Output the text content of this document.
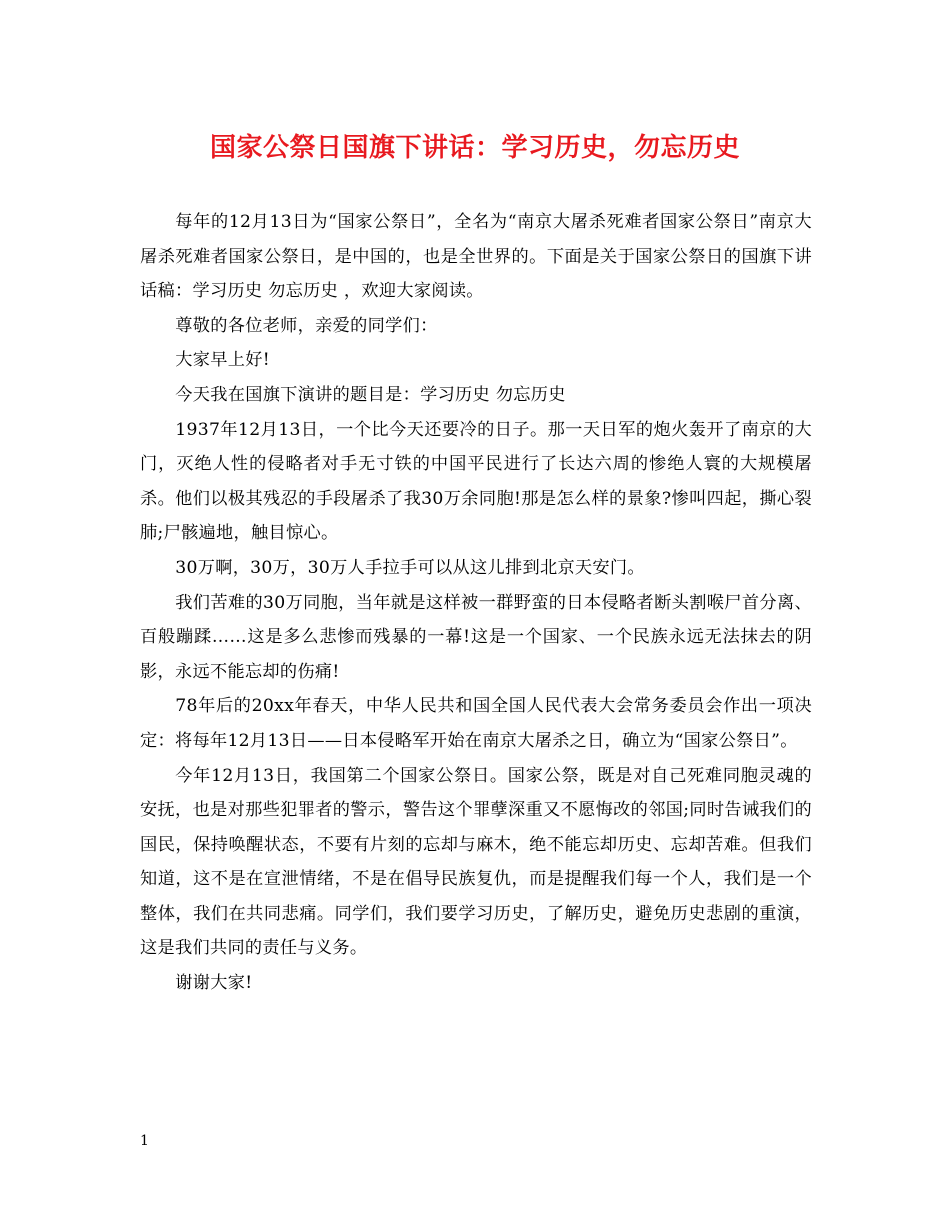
国家公祭日国旗下讲话：学习历史，勿忘历史

每年的12月13日为“国家公祭日”，全名为“南京大屠杀死难者国家公祭日”南京大屠杀死难者国家公祭日，是中国的，也是全世界的。下面是关于国家公祭日的国旗下讲话稿：学习历史 勿忘历史 ，欢迎大家阅读。

尊敬的各位老师，亲爱的同学们：

大家早上好!

今天我在国旗下演讲的题目是：学习历史 勿忘历史

1937年12月13日，一个比今天还要冷的日子。那一天日军的炮火轰开了南京的大门，灭绝人性的侵略者对手无寸铁的中国平民进行了长达六周的惨绝人寰的大规模屠杀。他们以极其残忍的手段屠杀了我30万余同胞!那是怎么样的景象?惨叫四起，撕心裂肺;尸骸遍地，触目惊心。

30万啊，30万，30万人手拉手可以从这儿排到北京天安门。

我们苦难的30万同胞，当年就是这样被一群野蛮的日本侵略者断头割喉尸首分离、百般蹦蹂……这是多么悲惨而残暴的一幕!这是一个国家、一个民族永远无法抹去的阴影，永远不能忘却的伤痛!

78年后的20xx年春天，中华人民共和国全国人民代表大会常务委员会作出一项决定：将每年12月13日——日本侵略军开始在南京大屠杀之日，确立为“国家公祭日”。

今年12月13日，我国第二个国家公祭日。国家公祭，既是对自己死难同胞灵魂的安抚，也是对那些犯罪者的警示，警告这个罪孽深重又不愿悔改的邻国;同时告诫我们的国民，保持唤醒状态，不要有片刻的忘却与麻木，绝不能忘却历史、忘却苦难。但我们知道，这不是在宣泄情绪，不是在倡导民族复仇，而是提醒我们每一个人，我们是一个整体，我们在共同悲痛。同学们，我们要学习历史，了解历史，避免历史悲剧的重演，这是我们共同的责任与义务。

谢谢大家!

1
